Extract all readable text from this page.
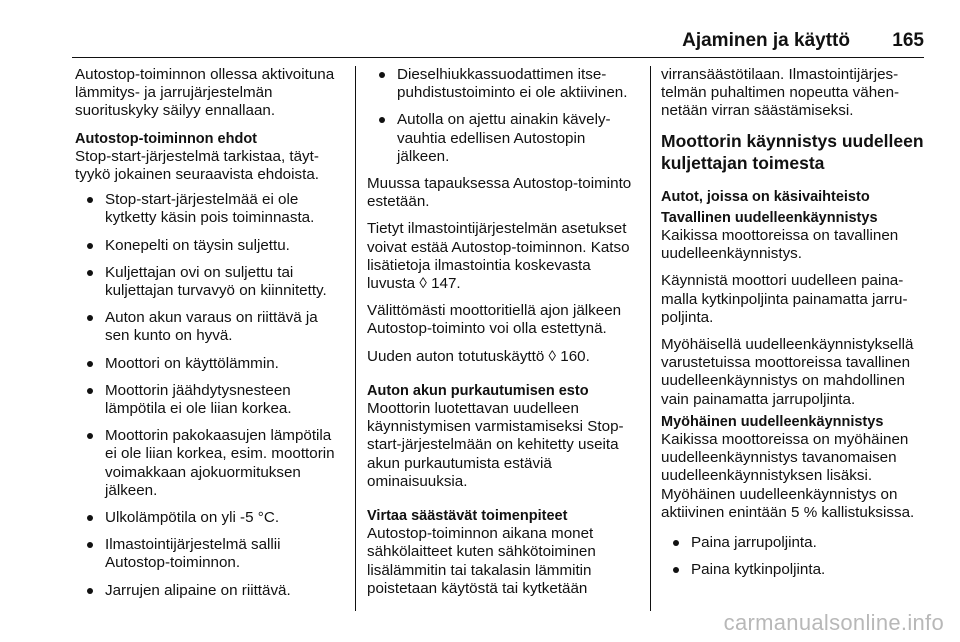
Ajaminen ja käyttö 165

Autostop-toiminnon ollessa aktivoituna lämmitys- ja jarrujärjestelmän suorituskyky säilyy ennallaan.

Autostop-toiminnon ehdot

Stop-start-järjestelmä tarkistaa, täyttyykö jokainen seuraavista ehdoista.

Stop-start-järjestelmää ei ole kytketty käsin pois toiminnasta.
Konepelti on täysin suljettu.
Kuljettajan ovi on suljettu tai kuljettajan turvavyö on kiinnitetty.
Auton akun varaus on riittävä ja sen kunto on hyvä.
Moottori on käyttölämmin.
Moottorin jäähdytysnesteen lämpötila ei ole liian korkea.
Moottorin pakokaasujen lämpötila ei ole liian korkea, esim. moottorin voimakkaan ajokuormituksen jälkeen.
Ulkolämpötila on yli -5 °C.
Ilmastointijärjestelmä sallii Autostop-toiminnon.
Jarrujen alipaine on riittävä.
Dieselhiukkassuodattimen itsepuhdistustoiminto ei ole aktiivinen.
Autolla on ajettu ainakin kävelyvauhtia edellisen Autostopin jälkeen.

Muussa tapauksessa Autostop-toiminto estetään.

Tietyt ilmastointijärjestelmän asetukset voivat estää Autostop-toiminnon. Katso lisätietoja ilmastointia koskevasta luvusta ◊ 147.

Välittömästi moottoritiellä ajon jälkeen Autostop-toiminto voi olla estettynä.

Uuden auton totutuskäyttö ◊ 160.

Auton akun purkautumisen esto

Moottorin luotettavan uudelleen käynnistymisen varmistamiseksi Stop-start-järjestelmään on kehitetty useita akun purkautumista estäviä ominaisuuksia.

Virtaa säästävät toimenpiteet

Autostop-toiminnon aikana monet sähkölaitteet kuten sähkötoiminen lisälämmitin tai takalasin lämmitin poistetaan käytöstä tai kytketään

virransäästötilaan. Ilmastointijärjestelmän puhaltimen nopeutta vähennetään virran säästämiseksi.

Moottorin käynnistys uudelleen kuljettajan toimesta
Autot, joissa on käsivaihteisto
Tavallinen uudelleenkäynnistys

Kaikissa moottoreissa on tavallinen uudelleenkäynnistys.

Käynnistä moottori uudelleen painamalla kytkinpoljinta painamatta jarrupoljinta.

Myöhäisellä uudelleenkäynnistyksellä varustetuissa moottoreissa tavallinen uudelleenkäynnistys on mahdollinen vain painamatta jarrupoljinta.

Myöhäinen uudelleenkäynnistys

Kaikissa moottoreissa on myöhäinen uudelleenkäynnistys tavanomaisen uudelleenkäynnistyksen lisäksi. Myöhäinen uudelleenkäynnistys on aktiivinen enintään 5 % kallistuksissa.

Paina jarrupoljinta.
Paina kytkinpoljinta.
carmanualsonline.info
